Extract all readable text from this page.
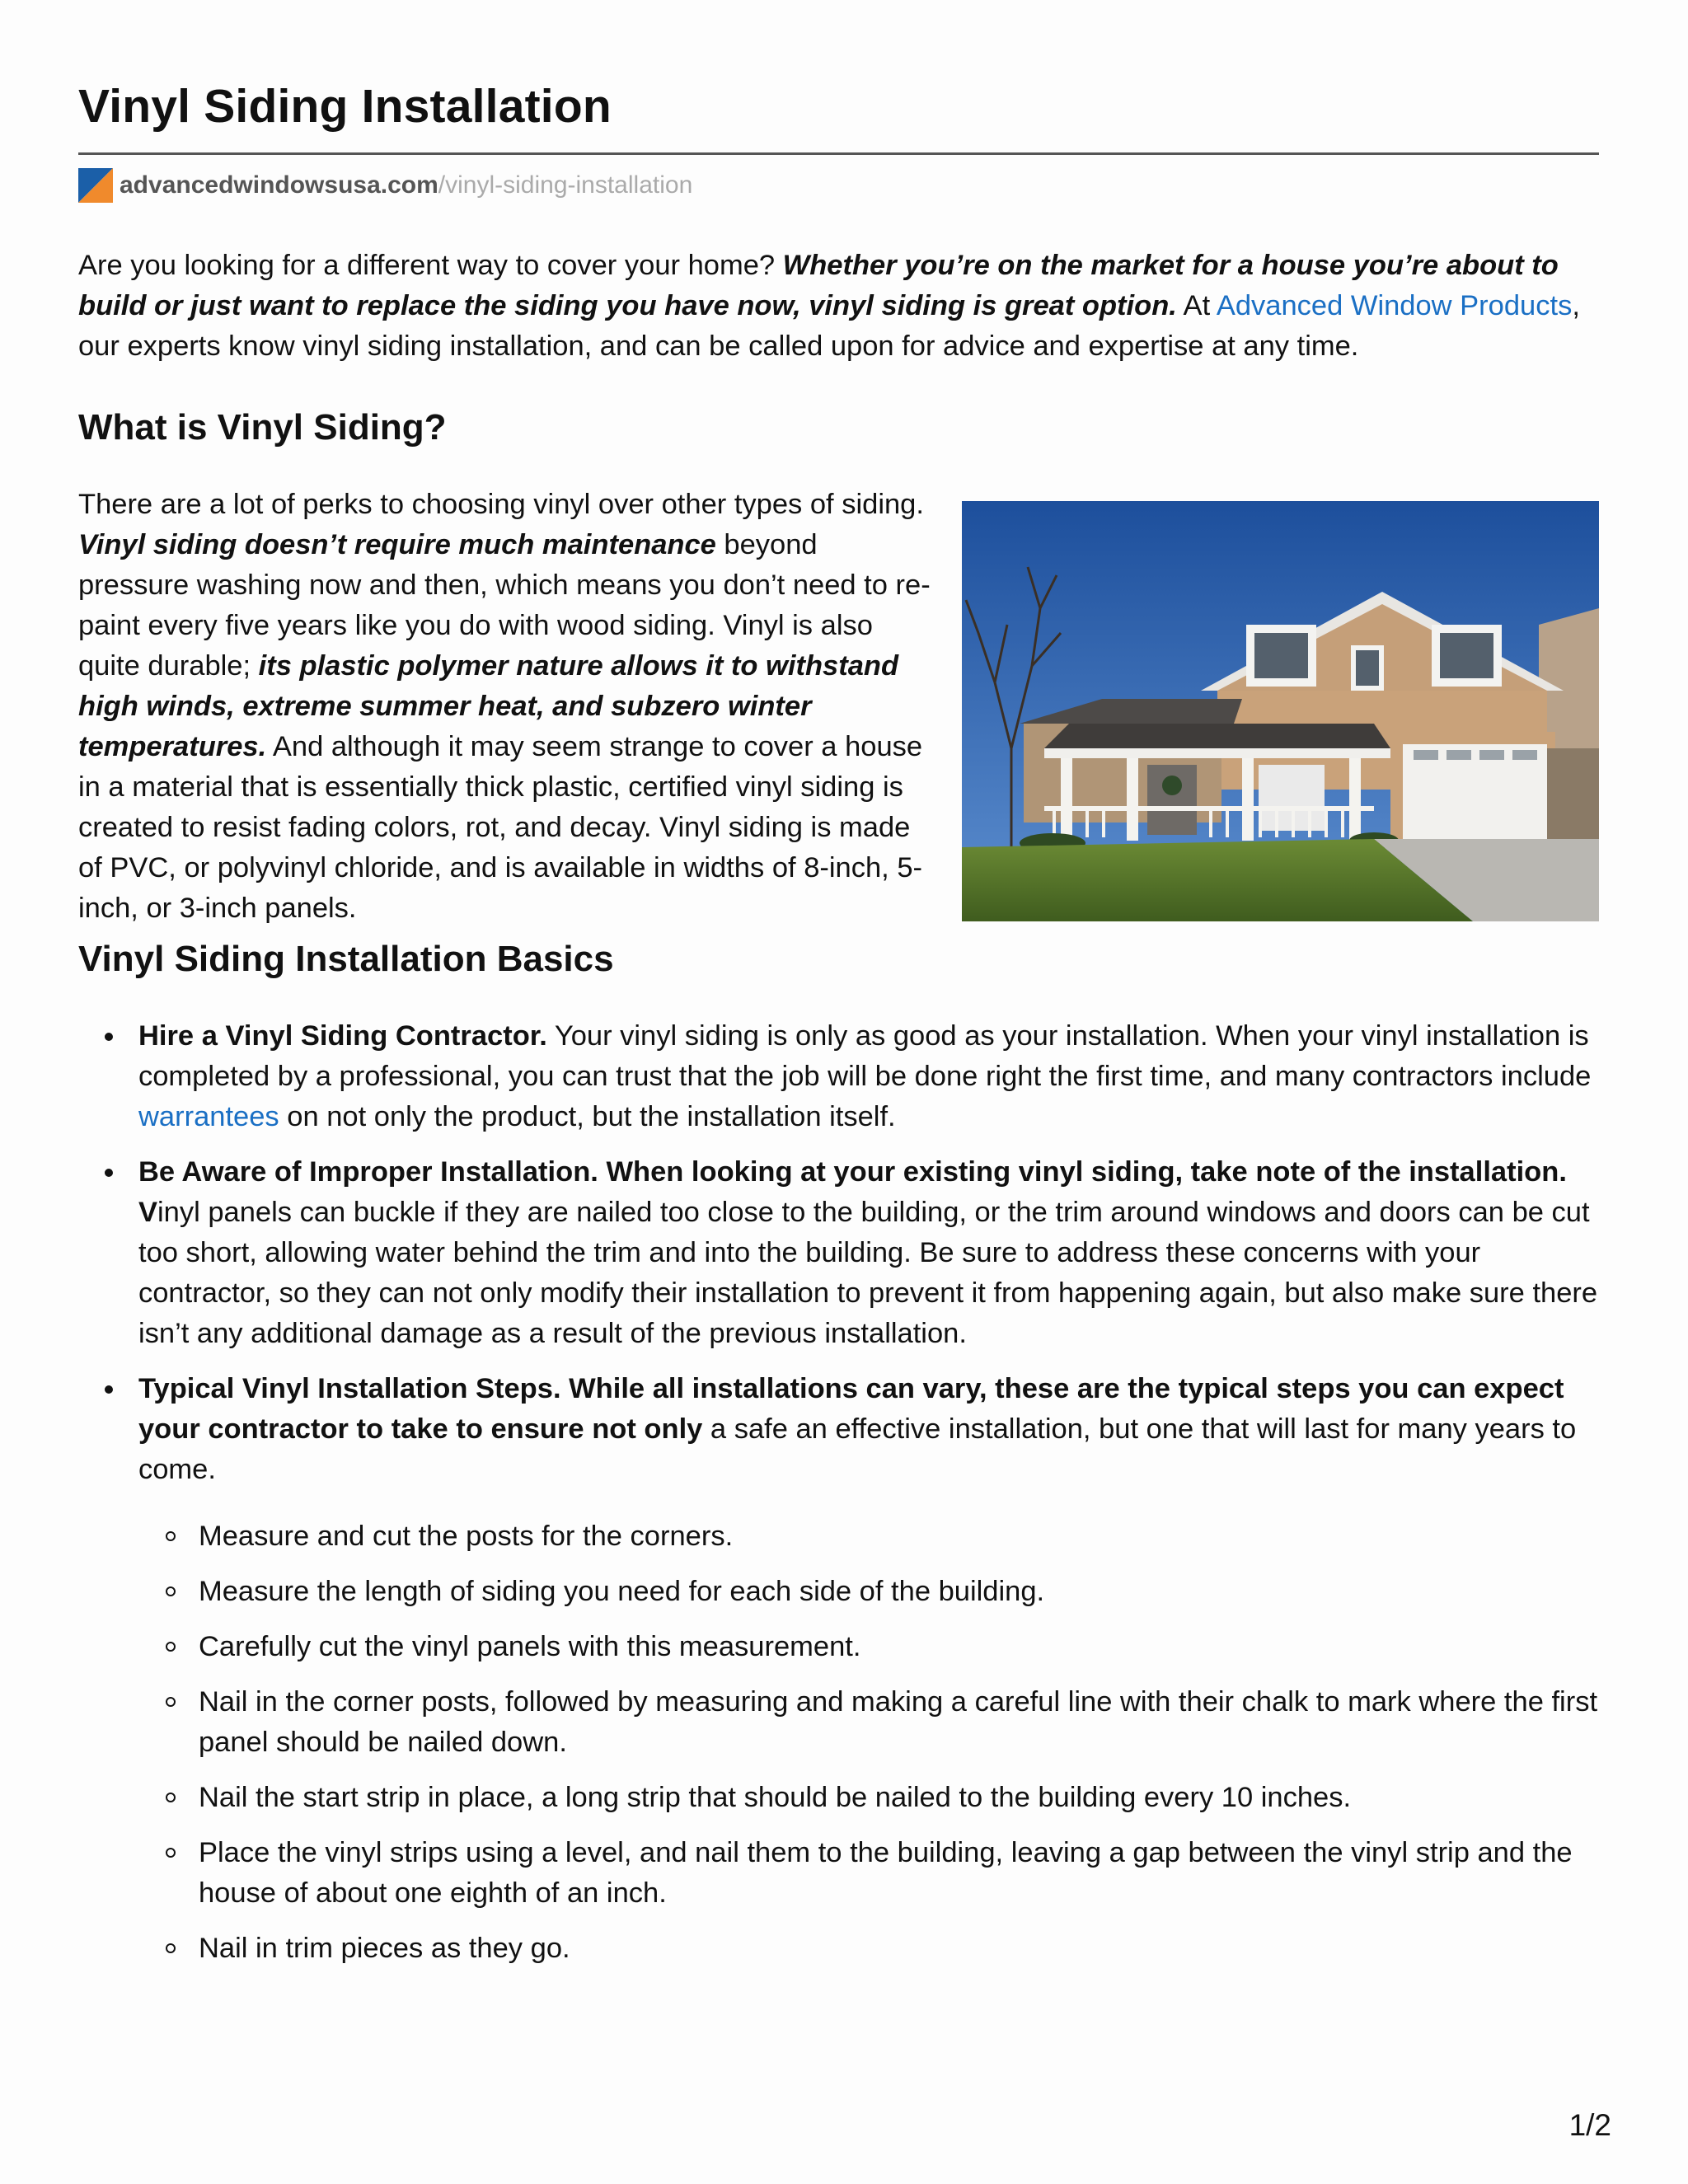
Vinyl Siding Installation
advancedwindowsusa.com /vinyl-siding-installation

Are you looking for a different way to cover your home? Whether you’re on the market for a house you’re about to build or just want to replace the siding you have now, vinyl siding is great option. At Advanced Window Products, our experts know vinyl siding installation, and can be called upon for advice and expertise at any time.

What is Vinyl Siding?

There are a lot of perks to choosing vinyl over other types of siding. Vinyl siding doesn’t require much maintenance beyond pressure washing now and then, which means you don’t need to re-paint every five years like you do with wood siding. Vinyl is also quite durable; its plastic polymer nature allows it to withstand high winds, extreme summer heat, and subzero winter temperatures. And although it may seem strange to cover a house in a material that is essentially thick plastic, certified vinyl siding is created to resist fading colors, rot, and decay. Vinyl siding is made of PVC, or polyvinyl chloride, and is available in widths of 8-inch, 5-inch, or 3-inch panels.

Vinyl Siding Installation Basics
Hire a Vinyl Siding Contractor. Your vinyl siding is only as good as your installation. When your vinyl installation is completed by a professional, you can trust that the job will be done right the first time, and many contractors include warrantees on not only the product, but the installation itself.
Be Aware of Improper Installation. When looking at your existing vinyl siding, take note of the installation. Vinyl panels can buckle if they are nailed too close to the building, or the trim around windows and doors can be cut too short, allowing water behind the trim and into the building. Be sure to address these concerns with your contractor, so they can not only modify their installation to prevent it from happening again, but also make sure there isn’t any additional damage as a result of the previous installation.
Typical Vinyl Installation Steps. While all installations can vary, these are the typical steps you can expect your contractor to take to ensure not only a safe an effective installation, but one that will last for many years to come.
Measure and cut the posts for the corners.
Measure the length of siding you need for each side of the building.
Carefully cut the vinyl panels with this measurement.
Nail in the corner posts, followed by measuring and making a careful line with their chalk to mark where the first panel should be nailed down.
Nail the start strip in place, a long strip that should be nailed to the building every 10 inches.
Place the vinyl strips using a level, and nail them to the building, leaving a gap between the vinyl strip and the house of about one eighth of an inch.
Nail in trim pieces as they go.
1/2
